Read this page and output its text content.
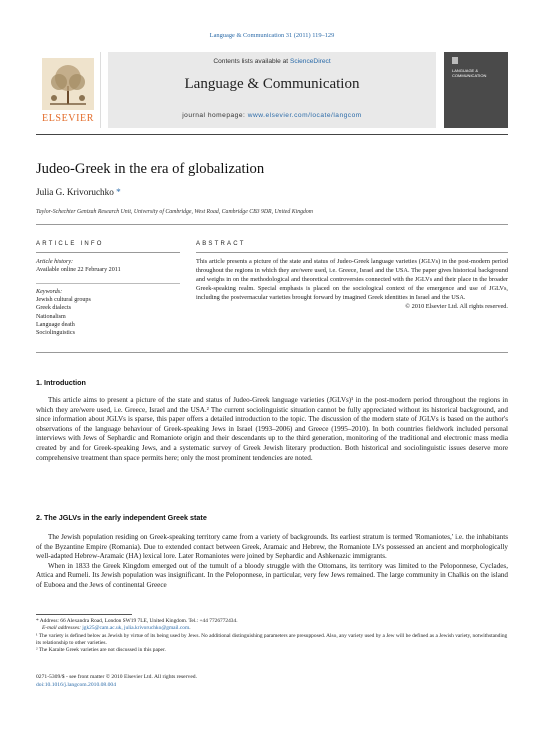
Language & Communication 31 (2011) 119–129
ELSEVIER
Contents lists available at ScienceDirect
Language & Communication
journal homepage: www.elsevier.com/locate/langcom
LANGUAGE & COMMUNICATION
Judeo-Greek in the era of globalization
Julia G. Krivoruchko *
Taylor-Schechter Genizah Research Unit, University of Cambridge, West Road, Cambridge CB3 9DR, United Kingdom
ARTICLE INFO	ABSTRACT
Article history:
Available online 22 February 2011
Keywords:
Jewish cultural groups
Greek dialects
Nationalism
Language death
Sociolinguistics
This article presents a picture of the state and status of Judeo-Greek language varieties (JGLVs) in the post-modern period throughout the regions in which they are/were used, i.e. Greece, Israel and the USA. The paper gives historical background and weighs in on the methodological and theoretical controversies connected with the JGLVs and their place in the broader Greek-speaking realm. Special emphasis is placed on the sociological context of the emergence and use of JGLVs, including the postvernacular varieties brought forward by imagined Greek identities in Israel and the USA.
© 2010 Elsevier Ltd. All rights reserved.
1. Introduction

This article aims to present a picture of the state and status of Judeo-Greek language varieties (JGLVs)¹ in the post-modern period throughout the regions in which they are/were used, i.e. Greece, Israel and the USA.² The current sociolinguistic situation cannot be fully appreciated without its historical background, and since information about JGLVs is sparse, this paper offers a detailed introduction to the topic. The discussion of the modern state of JGLVs is based on the author's observations of the language behaviour of Greek-speaking Jews in Israel (1993–2006) and Greece (1995–2010). In both countries fieldwork included personal interviews with Jews of Sephardic and Romaniote origin and their descendants up to the third generation, monitoring of the traditional and electronic mass media created by and for Greek-speaking Jews, and a systematic survey of Greek Jewish literary production. Both historical and sociolinguistic issues deserve more comprehensive treatment than space permits here; only the most prominent tendencies are noted.

2. The JGLVs in the early independent Greek state

The Jewish population residing on Greek-speaking territory came from a variety of backgrounds. Its earliest stratum is termed 'Romaniotes,' i.e. the inhabitants of the Byzantine Empire (Romania). Due to extended contact between Greek, Aramaic and Hebrew, the Romaniote LVs possessed an ancient and morphologically well-adapted Hebrew-Aramaic (HA) lexical lore. Later Romaniotes were joined by Sephardic and Ashkenazic immigrants.

When in 1833 the Greek Kingdom emerged out of the tumult of a bloody struggle with the Ottomans, its territory was limited to the Peloponnese, Cyclades, Attica and Rumeli. Its Jewish population was insignificant. In the Peloponnese, in particular, very few Jews remained. The large community in Chalkis on the island of Euboea and the Jews of continental Greece

* Address: 66 Alexandra Road, London SW19 7LE, United Kingdom. Tel.: +44 7726772434.
E-mail addresses: jgk25@cam.ac.uk, julia.krivoruchko@gmail.com.
¹ The variety is defined below as Jewish by virtue of its being used by Jews. No additional distinguishing parameters are presupposed. Also, any variety used by a Jew will be defined as a Jewish variety, notwithstanding its relationship to other varieties.
² The Karaite Greek varieties are not discussed in this paper.
0271-5309/$ - see front matter © 2010 Elsevier Ltd. All rights reserved.
doi:10.1016/j.langcom.2010.08.004
